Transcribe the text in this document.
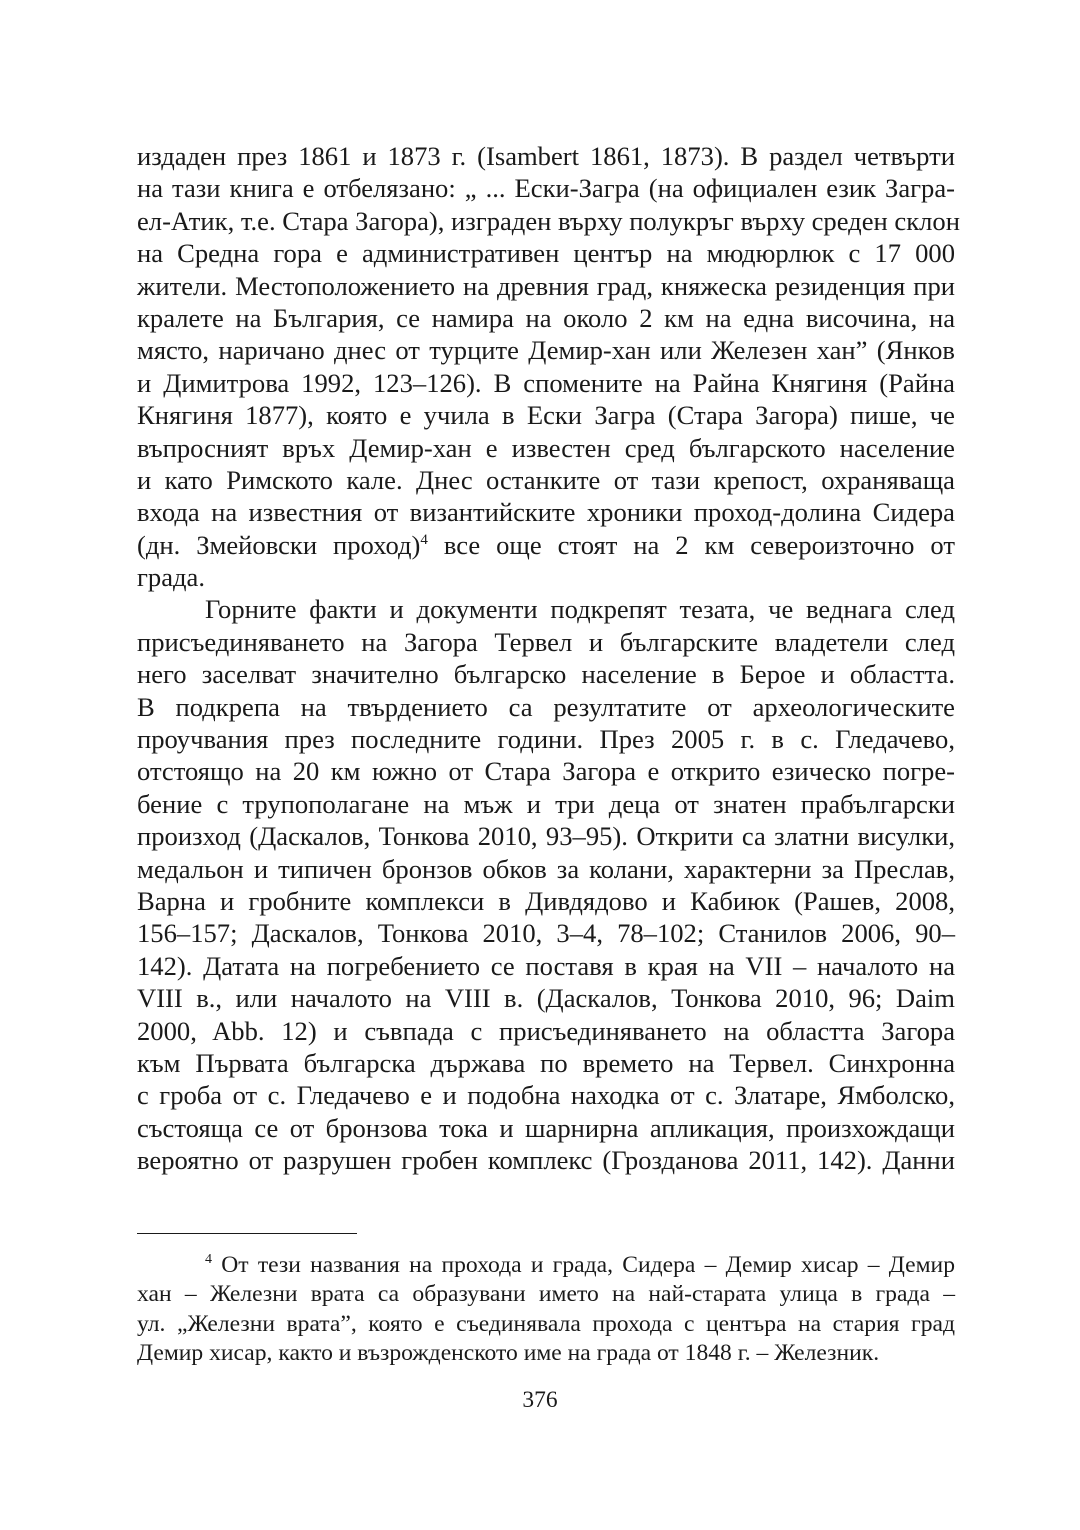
издаден през 1861 и 1873 г. (Isambert 1861, 1873). В раздел четвърти
на тази книга е отбелязано: „ ... Ески-Загра (на официален език Загра-
ел-Атик, т.е. Стара Загора), изграден върху полукръг върху среден склон
на Средна гора е административен център на мюдюрлюк с 17 000
жители. Местоположението на древния град, княжеска резиденция при
кралете на България, се намира на около 2 км на една височина, на
място, наричано днес от турците Демир-хан или Железен хан” (Янков
и Димитрова 1992, 123–126). В спомените на Райна Княгиня (Райна
Княгиня 1877), която е учила в Ески Загра (Стара Загора) пише, че
въпросният връх Демир-хан е известен сред българското население
и като Римското кале. Днес останките от тази крепост, охраняваща
входа на известния от византийските хроники проход-долина Сидера
(дн. Змейовски проход)$^4$ все още стоят на 2 км североизточно от
града.
Горните факти и документи подкрепят тезата, че веднага след
присъединяването на Загора Тервел и българските владетели след
него заселват значително българско население в Берое и областта.
В подкрепа на твърдението са резултатите от археологическите
проучвания през последните години. През 2005 г. в с. Гледачево,
отстоящо на 20 км южно от Стара Загора е открито езическо погре-
бение с трупополагане на мъж и три деца от знатен прабългарски
произход (Даскалов, Тонкова 2010, 93–95). Открити са златни висулки,
медальон и типичен бронзов обков за колани, характерни за Преслав,
Варна и гробните комплекси в Дивдядово и Кабиюк (Рашев, 2008,
156–157; Даскалов, Тонкова 2010, 3–4, 78–102; Станилов 2006, 90–
142). Датата на погребението се поставя в края на VII – началото на
VIII в., или началото на VIII в. (Даскалов, Тонкова 2010, 96; Daim
2000, Abb. 12) и съвпада с присъединяването на областта Загора
към Първата българска държава по времето на Тервел. Синхронна
с гроба от с. Гледачево е и подобна находка от с. Златаре, Ямболско,
състояща се от бронзова тока и шарнирна апликация, произхождащи
вероятно от разрушен гробен комплекс (Грозданова 2011, 142). Данни
$^4$ От тези названия на прохода и града, Сидера – Демир хисар – Демир
хан – Железни врата са образувани името на най-старата улица в града –
ул. „Железни врата”, която е съединявала прохода с центъра на стария град
Демир хисар, както и възрожденското име на града от 1848 г. – Железник.
376
